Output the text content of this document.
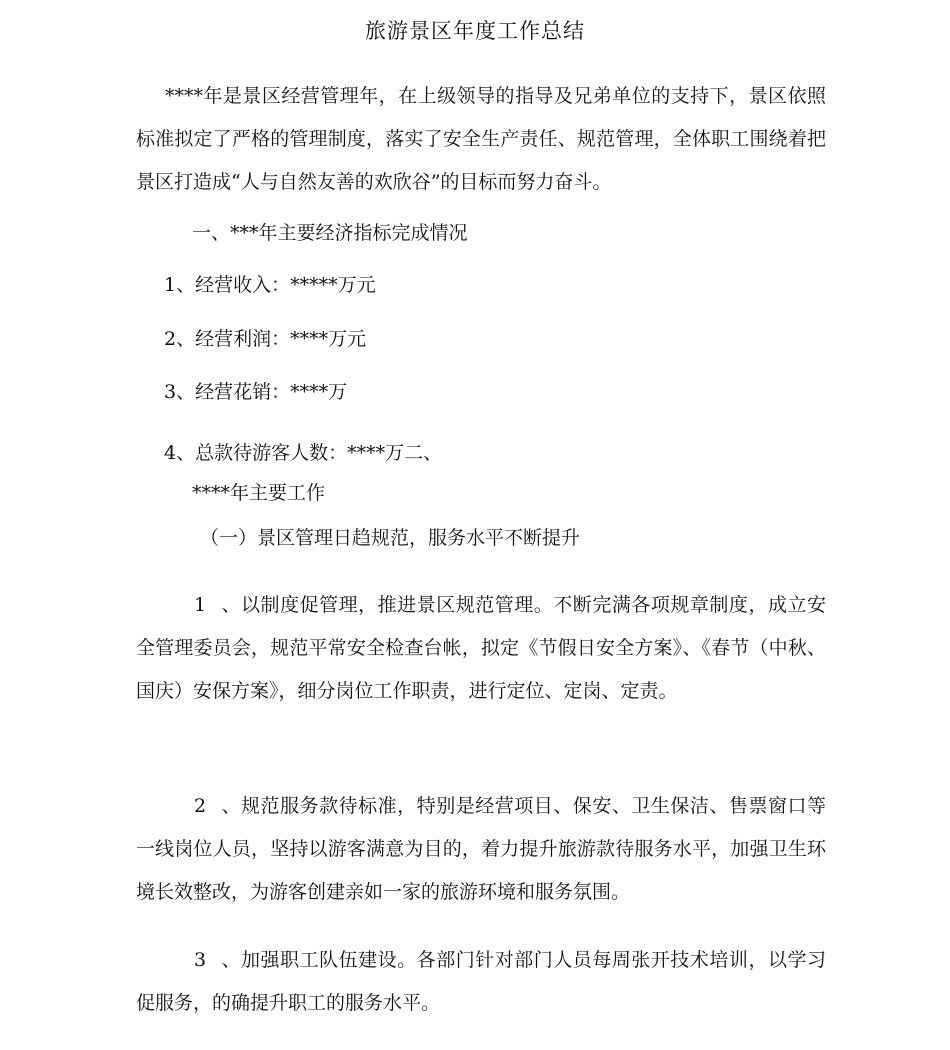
旅游景区年度工作总结
****年是景区经营管理年，在上级领导的指导及兄弟单位的支持下，景区依照标准拟定了严格的管理制度，落实了安全生产责任、规范管理，全体职工围绕着把景区打造成“人与自然友善的欢欣谷”的目标而努力奋斗。
一、***年主要经济指标完成情况
1、经营收入：*****万元
2、经营利润：****万元
3、经营花销：****万
4、总款待游客人数：****万二、
****年主要工作
（一）景区管理日趋规范，服务水平不断提升
1 、以制度促管理，推进景区规范管理。不断完满各项规章制度，成立安全管理委员会，规范平常安全检查台帐，拟定《节假日安全方案》、《春节（中秋、国庆）安保方案》，细分岗位工作职责，进行定位、定岗、定责。
2 、规范服务款待标准，特别是经营项目、保安、卫生保洁、售票窗口等一线岗位人员，坚持以游客满意为目的，着力提升旅游款待服务水平，加强卫生环境长效整改，为游客创建亲如一家的旅游环境和服务氛围。
3 、加强职工队伍建设。各部门针对部门人员每周张开技术培训，以学习促服务，的确提升职工的服务水平。
